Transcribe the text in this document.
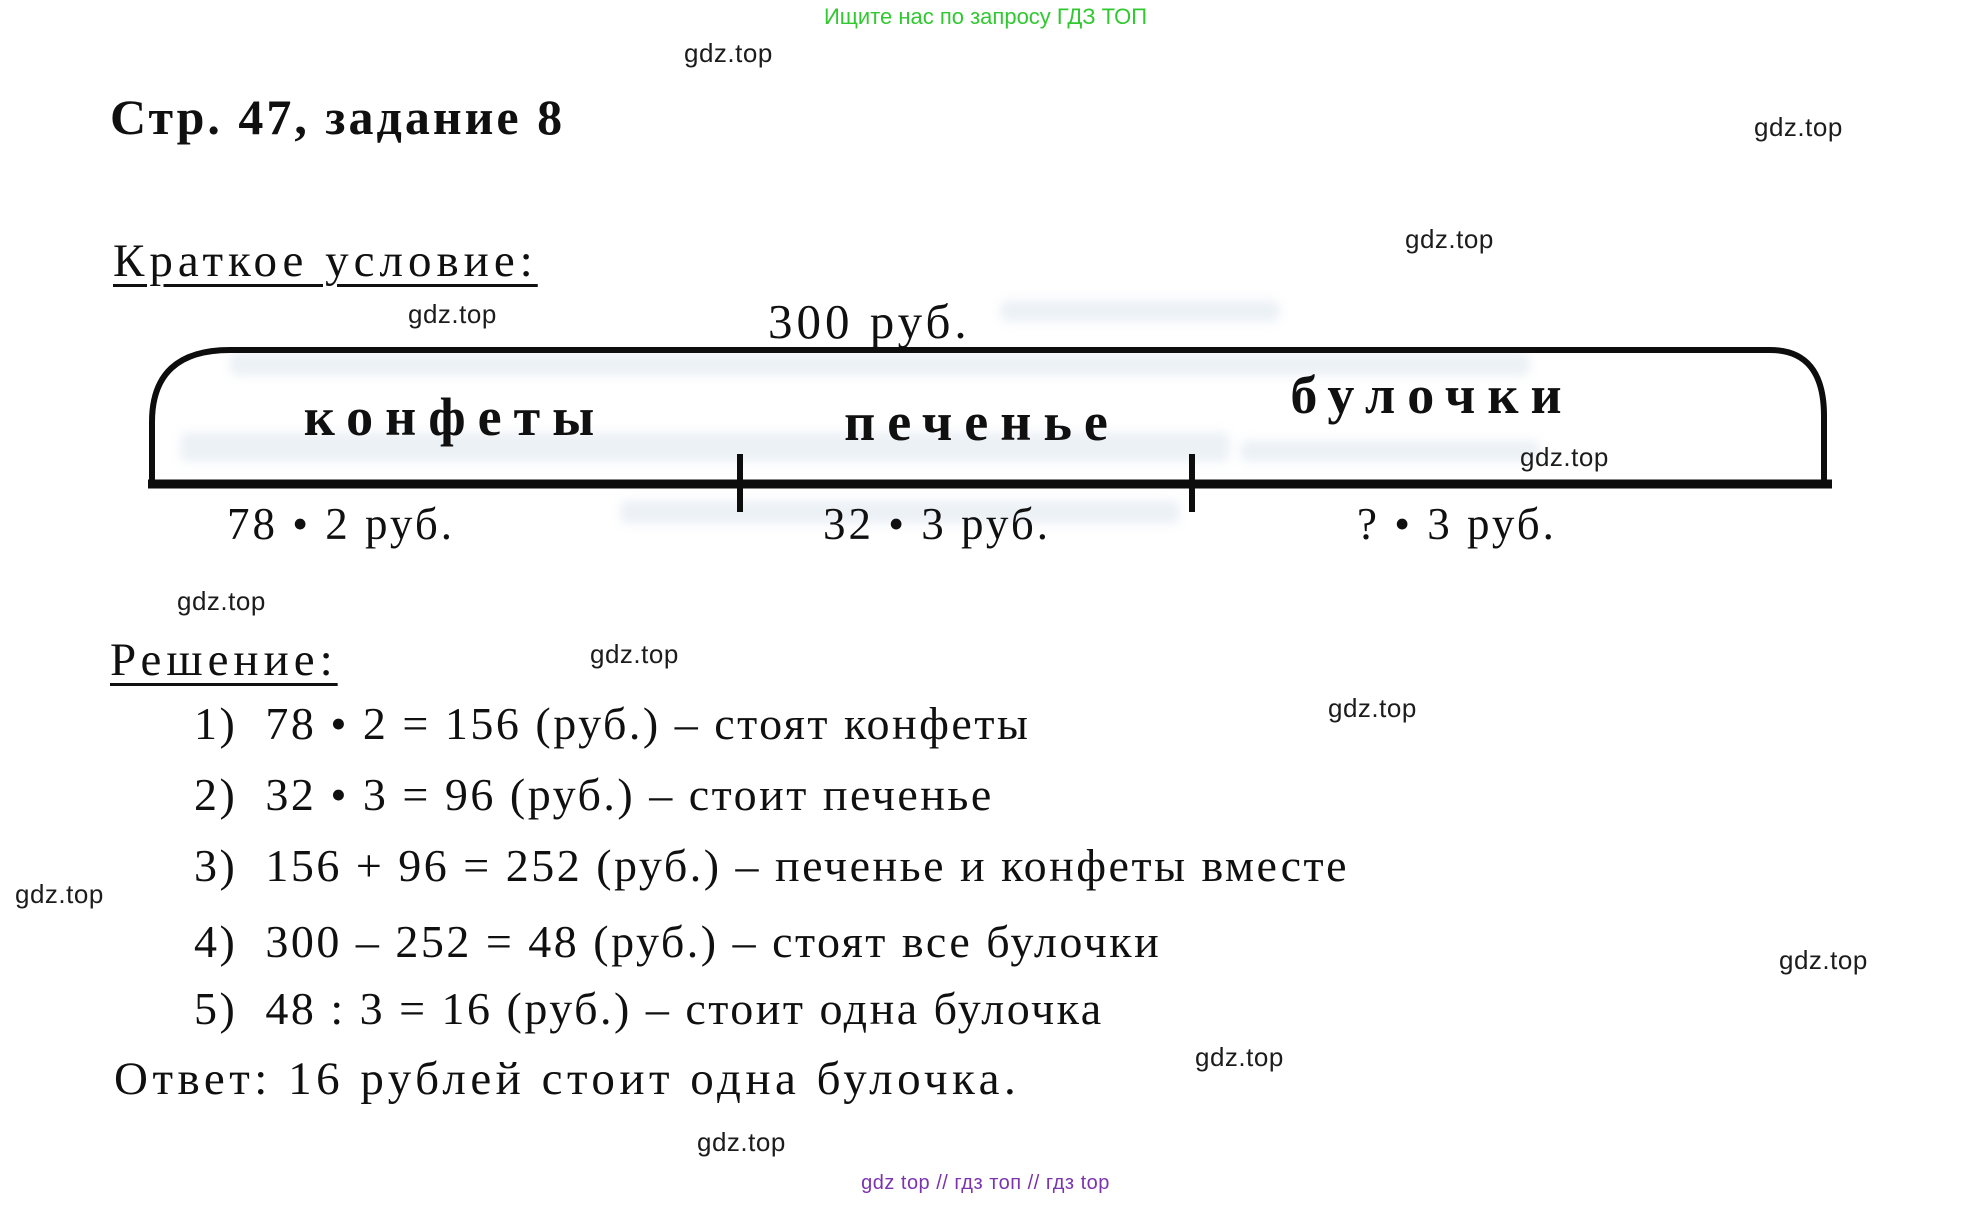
Ищите нас по запросу ГДЗ ТОП
gdz.top
gdz.top
gdz.top
gdz.top
gdz.top
gdz.top
gdz.top
gdz.top
gdz.top
gdz.top
gdz.top
gdz.top
Стр. 47, задание 8
Краткое условие:
300 руб.
конфеты	печенье	булочки
78 • 2 руб.	32 • 3 руб.	? • 3 руб.
Решение:
1) 78 • 2 = 156 (руб.) – стоят конфеты
2) 32 • 3 = 96 (руб.) – стоит печенье
3) 156 + 96 = 252 (руб.) – печенье и конфеты вместе
4) 300 – 252 = 48 (руб.) – стоят все булочки
5) 48 : 3 = 16 (руб.) – стоит одна булочка
Ответ: 16 рублей стоит одна булочка.
gdz top // гдз топ // гдз top
